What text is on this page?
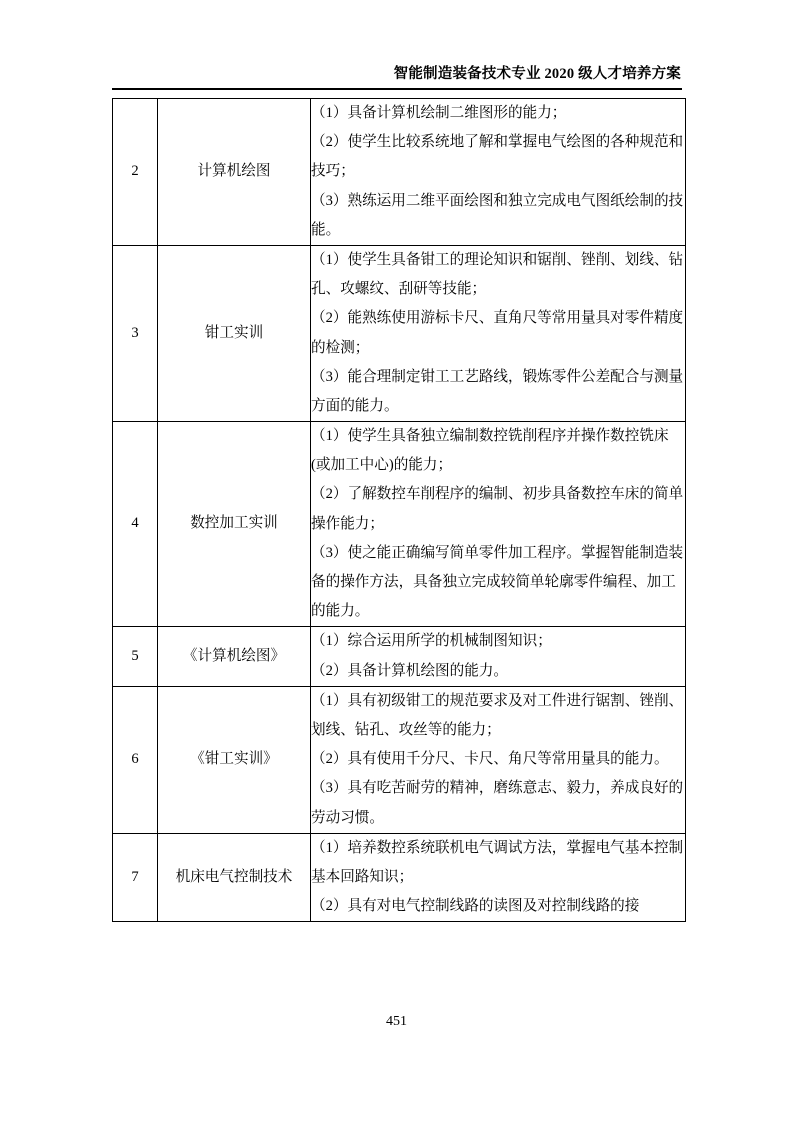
智能制造装备技术专业 2020 级人才培养方案
2	计算机绘图	（1）具备计算机绘制二维图形的能力；

（2）使学生比较系统地了解和掌握电气绘图的各种规范和技巧；

（3）熟练运用二维平面绘图和独立完成电气图纸绘制的技能。

3	钳工实训	（1）使学生具备钳工的理论知识和锯削、锉削、划线、钻孔、攻螺纹、刮研等技能；

（2）能熟练使用游标卡尺、直角尺等常用量具对零件精度的检测；

（3）能合理制定钳工工艺路线，锻炼零件公差配合与测量方面的能力。

4	数控加工实训	（1）使学生具备独立编制数控铣削程序并操作数控铣床(或加工中心)的能力；

（2）了解数控车削程序的编制、初步具备数控车床的简单操作能力；

（3）使之能正确编写简单零件加工程序。掌握智能制造装备的操作方法，具备独立完成较简单轮廓零件编程、加工的能力。

5	《计算机绘图》	（1）综合运用所学的机械制图知识；

（2）具备计算机绘图的能力。

6	《钳工实训》	（1）具有初级钳工的规范要求及对工件进行锯割、锉削、划线、钻孔、攻丝等的能力；

（2）具有使用千分尺、卡尺、角尺等常用量具的能力。

（3）具有吃苦耐劳的精神，磨练意志、毅力，养成良好的劳动习惯。

7	机床电气控制技术	（1）培养数控系统联机电气调试方法，掌握电气基本控制基本回路知识；

（2）具有对电气控制线路的读图及对控制线路的接

451
